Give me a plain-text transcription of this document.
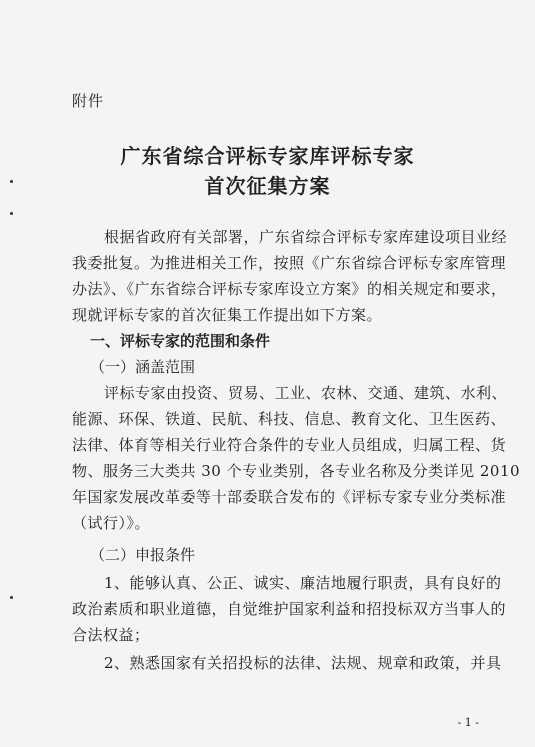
附件
广东省综合评标专家库评标专家
首次征集方案
根据省政府有关部署，广东省综合评标专家库建设项目业经
我委批复。为推进相关工作，按照《广东省综合评标专家库管理
办法》、《广东省综合评标专家库设立方案》的相关规定和要求，
现就评标专家的首次征集工作提出如下方案。
一、评标专家的范围和条件
（一）涵盖范围
评标专家由投资、贸易、工业、农林、交通、建筑、水利、
能源、环保、铁道、民航、科技、信息、教育文化、卫生医药、
法律、体育等相关行业符合条件的专业人员组成，归属工程、货
物、服务三大类共 30 个专业类别，各专业名称及分类详见 2010
年国家发展改革委等十部委联合发布的《评标专家专业分类标准
（试行）》。
（二）申报条件
1、能够认真、公正、诚实、廉洁地履行职责，具有良好的
政治素质和职业道德，自觉维护国家利益和招投标双方当事人的
合法权益；
2、熟悉国家有关招投标的法律、法规、规章和政策，并具
- 1 -
